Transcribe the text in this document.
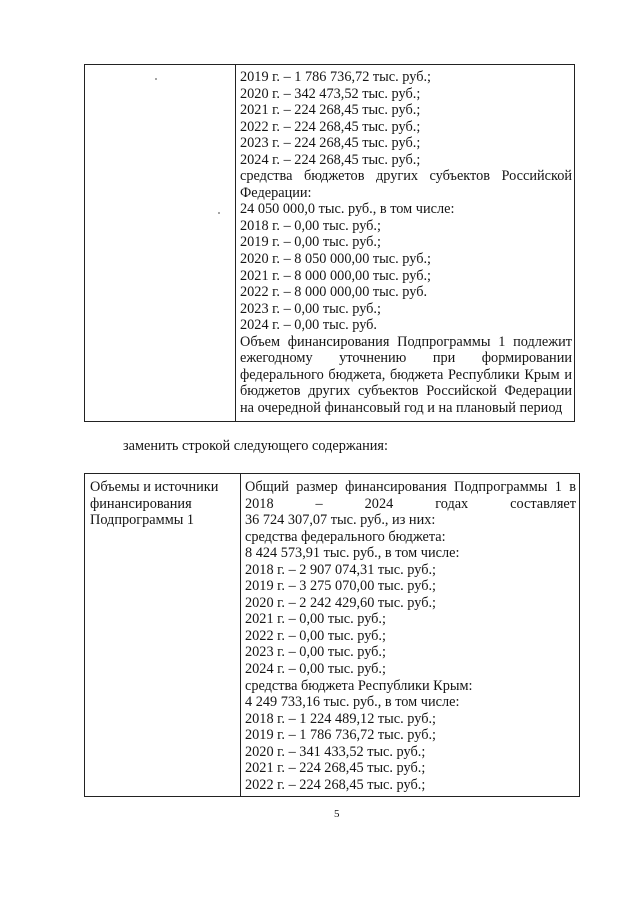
2019 г. – 1 786 736,72 тыс. руб.;
2020 г. – 342 473,52 тыс. руб.;
2021 г. – 224 268,45 тыс. руб.;
2022 г. – 224 268,45 тыс. руб.;
2023 г. – 224 268,45 тыс. руб.;
2024 г. – 224 268,45 тыс. руб.;
средства бюджетов других субъектов Российской
Федерации:
24 050 000,0 тыс. руб., в том числе:
2018 г. – 0,00 тыс. руб.;
2019 г. – 0,00 тыс. руб.;
2020 г. – 8 050 000,00 тыс. руб.;
2021 г. – 8 000 000,00 тыс. руб.;
2022 г. – 8 000 000,00 тыс. руб.
2023 г. – 0,00 тыс. руб.;
2024 г. – 0,00 тыс. руб.
Объем финансирования Подпрограммы 1 подлежит
ежегодному уточнению при формировании
федерального бюджета, бюджета Республики Крым и
бюджетов других субъектов Российской Федерации
на очередной финансовый год и на плановый период
заменить строкой следующего содержания:
Объемы и источники
финансирования
Подпрограммы 1
Общий размер финансирования Подпрограммы 1 в
2018 – 2024 годах составляет
36 724 307,07 тыс. руб., из них:
средства федерального бюджета:
8 424 573,91 тыс. руб., в том числе:
2018 г. – 2 907 074,31 тыс. руб.;
2019 г. – 3 275 070,00 тыс. руб.;
2020 г. – 2 242 429,60 тыс. руб.;
2021 г. – 0,00 тыс. руб.;
2022 г. – 0,00 тыс. руб.;
2023 г. – 0,00 тыс. руб.;
2024 г. – 0,00 тыс. руб.;
средства бюджета Республики Крым:
4 249 733,16 тыс. руб., в том числе:
2018 г. – 1 224 489,12 тыс. руб.;
2019 г. – 1 786 736,72 тыс. руб.;
2020 г. – 341 433,52 тыс. руб.;
2021 г. – 224 268,45 тыс. руб.;
2022 г. – 224 268,45 тыс. руб.;
5
